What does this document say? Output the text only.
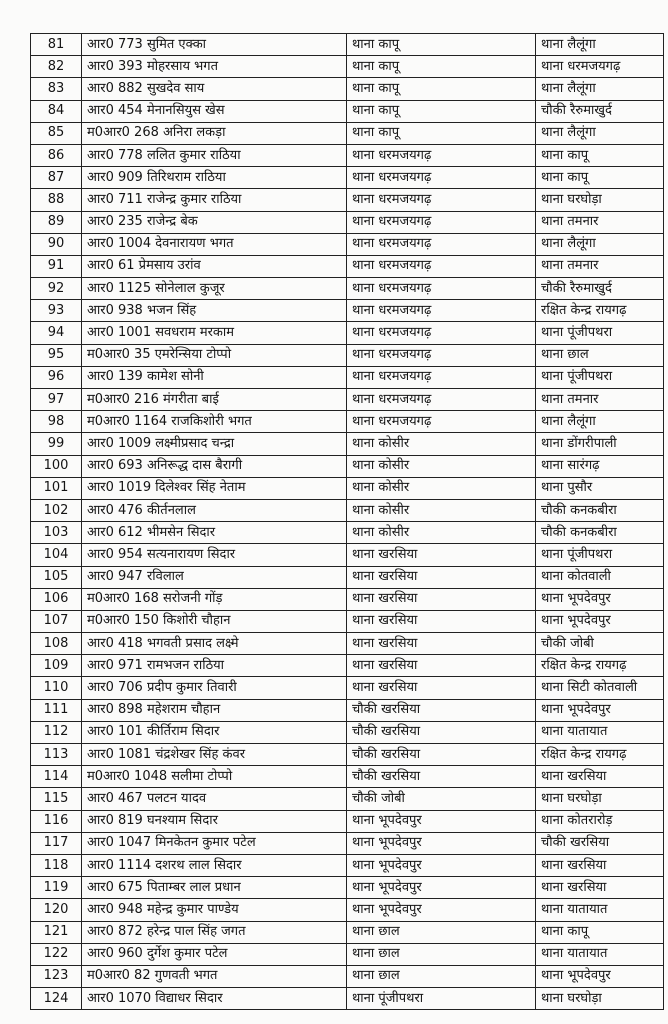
81	आर0 773 सुमित एक्का	थाना कापू	थाना लैलूंगा
82	आर0 393 मोहरसाय भगत	थाना कापू	थाना धरमजयगढ़
83	आर0 882 सुखदेव साय	थाना कापू	थाना लैलूंगा
84	आर0 454 मेनानसियुस खेस	थाना कापू	चौकी रैरुमाखुर्द
85	म0आर0 268 अनिरा लकड़ा	थाना कापू	थाना लैलूंगा
86	आर0 778 ललित कुमार राठिया	थाना धरमजयगढ़	थाना कापू
87	आर0 909 तिरिथराम राठिया	थाना धरमजयगढ़	थाना कापू
88	आर0 711 राजेन्द्र कुमार राठिया	थाना धरमजयगढ़	थाना घरघोड़ा
89	आर0 235 राजेन्द्र बेक	थाना धरमजयगढ़	थाना तमनार
90	आर0 1004 देवनारायण भगत	थाना धरमजयगढ़	थाना लैलूंगा
91	आर0 61 प्रेमसाय उरांव	थाना धरमजयगढ़	थाना तमनार
92	आर0 1125 सोनेलाल कुजूर	थाना धरमजयगढ़	चौकी रैरुमाखुर्द
93	आर0 938 भजन सिंह	थाना धरमजयगढ़	रक्षित केन्द्र रायगढ़
94	आर0 1001 सवधराम मरकाम	थाना धरमजयगढ़	थाना पूंजीपथरा
95	म0आर0 35 एमरेन्सिया टोप्पो	थाना धरमजयगढ़	थाना छाल
96	आर0 139 कामेश सोनी	थाना धरमजयगढ़	थाना पूंजीपथरा
97	म0आर0 216 मंगरीता बाई	थाना धरमजयगढ़	थाना तमनार
98	म0आर0 1164 राजकिशोरी भगत	थाना धरमजयगढ़	थाना लैलूंगा
99	आर0 1009 लक्ष्मीप्रसाद चन्द्रा	थाना कोसीर	थाना डोंगरीपाली
100	आर0 693 अनिरूद्ध दास बैरागी	थाना कोसीर	थाना सारंगढ़
101	आर0 1019 दिलेश्वर सिंह नेताम	थाना कोसीर	थाना पुसौर
102	आर0 476 कीर्तनलाल	थाना कोसीर	चौकी कनकबीरा
103	आर0 612 भीमसेन सिदार	थाना कोसीर	चौकी कनकबीरा
104	आर0 954 सत्यनारायण सिदार	थाना खरसिया	थाना पूंजीपथरा
105	आर0 947 रविलाल	थाना खरसिया	थाना कोतवाली
106	म0आर0 168 सरोजनी गोंड़	थाना खरसिया	थाना भूपदेवपुर
107	म0आर0 150 किशोरी चौहान	थाना खरसिया	थाना भूपदेवपुर
108	आर0 418 भगवती प्रसाद लक्ष्मे	थाना खरसिया	चौकी जोबी
109	आर0 971 रामभजन राठिया	थाना खरसिया	रक्षित केन्द्र रायगढ़
110	आर0 706 प्रदीप कुमार तिवारी	थाना खरसिया	थाना सिटी कोतवाली
111	आर0 898 महेशराम चौहान	चौकी खरसिया	थाना भूपदेवपुर
112	आर0 101 कीर्तिराम सिदार	चौकी खरसिया	थाना यातायात
113	आर0 1081 चंद्रशेखर सिंह कंवर	चौकी खरसिया	रक्षित केन्द्र रायगढ़
114	म0आर0 1048 सलीमा टोप्पो	चौकी खरसिया	थाना खरसिया
115	आर0 467 पलटन यादव	चौकी जोबी	थाना घरघोड़ा
116	आर0 819 घनश्याम सिदार	थाना भूपदेवपुर	थाना कोतरारोड़
117	आर0 1047 मिनकेतन कुमार पटेल	थाना भूपदेवपुर	चौकी खरसिया
118	आर0 1114 दशरथ लाल सिदार	थाना भूपदेवपुर	थाना खरसिया
119	आर0 675 पिताम्बर लाल प्रधान	थाना भूपदेवपुर	थाना खरसिया
120	आर0 948 महेन्द्र कुमार पाण्डेय	थाना भूपदेवपुर	थाना यातायात
121	आर0 872 हरेन्द्र पाल सिंह जगत	थाना छाल	थाना कापू
122	आर0 960 दुर्गेश कुमार पटेल	थाना छाल	थाना यातायात
123	म0आर0 82 गुणवती भगत	थाना छाल	थाना भूपदेवपुर
124	आर0 1070 विद्याधर सिदार	थाना पूंजीपथरा	थाना घरघोड़ा
